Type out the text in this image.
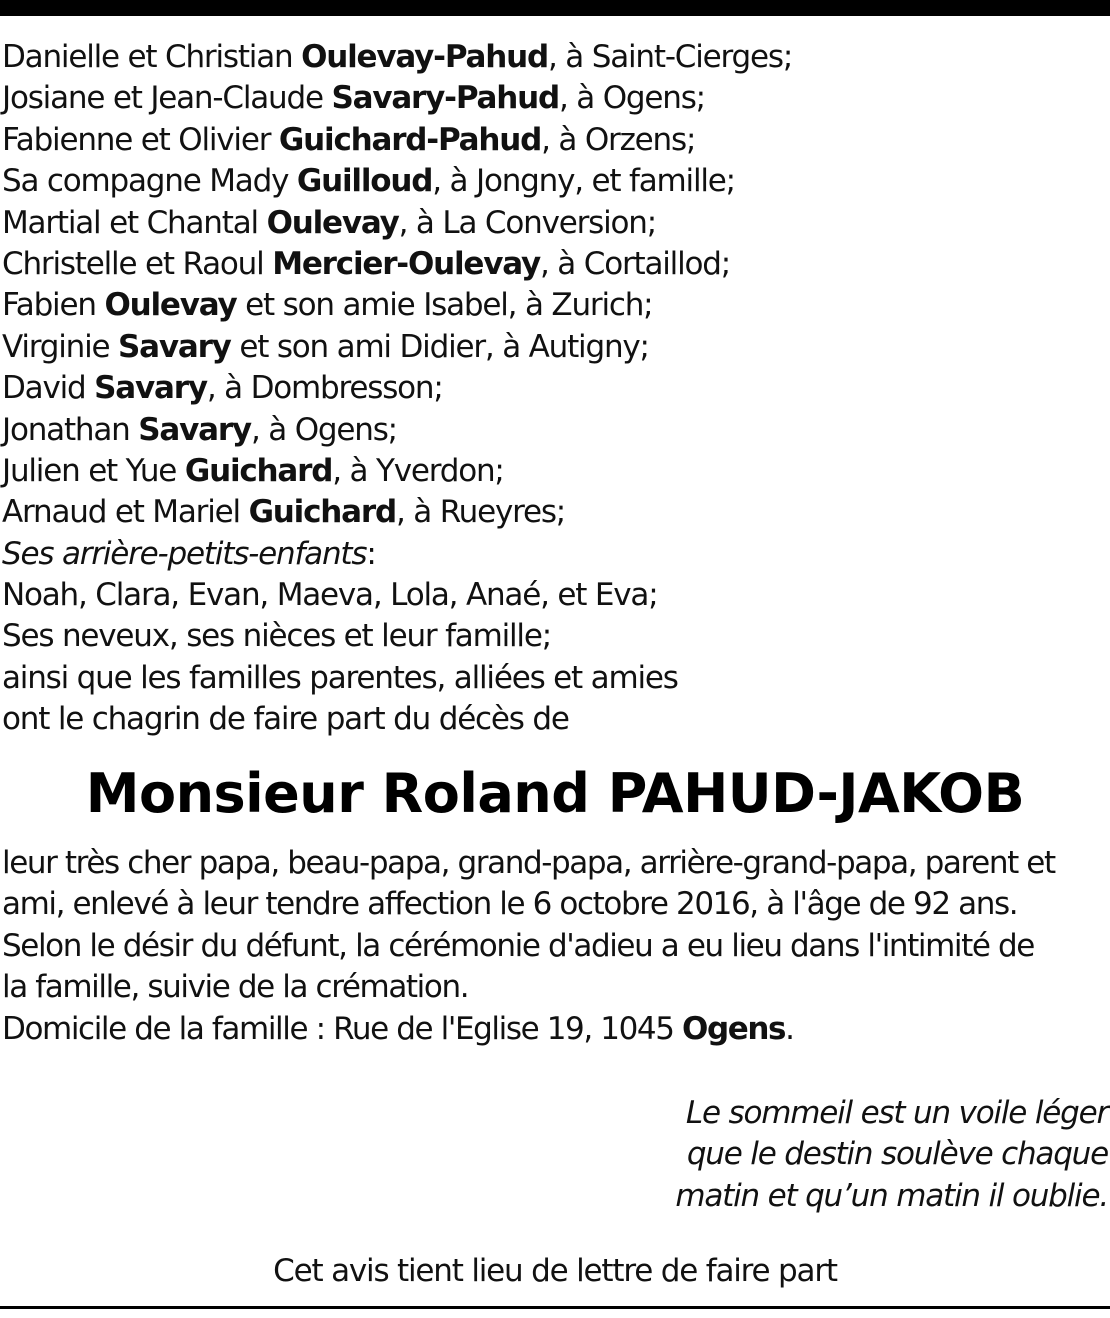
Danielle et Christian Oulevay-Pahud, à Saint-Cierges;
Josiane et Jean-Claude Savary-Pahud, à Ogens;
Fabienne et Olivier Guichard-Pahud, à Orzens;
Sa compagne Mady Guilloud, à Jongny, et famille;
Martial et Chantal Oulevay, à La Conversion;
Christelle et Raoul Mercier-Oulevay, à Cortaillod;
Fabien Oulevay et son amie Isabel, à Zurich;
Virginie Savary et son ami Didier, à Autigny;
David Savary, à Dombresson;
Jonathan Savary, à Ogens;
Julien et Yue Guichard, à Yverdon;
Arnaud et Mariel Guichard, à Rueyres;
Ses arrière-petits-enfants:
Noah, Clara, Evan, Maeva, Lola, Anaé, et Eva;
Ses neveux, ses nièces et leur famille;
ainsi que les familles parentes, alliées et amies
ont le chagrin de faire part du décès de
Monsieur Roland PAHUD-JAKOB
leur très cher papa, beau-papa, grand-papa, arrière-grand-papa, parent et
ami, enlevé à leur tendre affection le 6 octobre 2016, à l'âge de 92 ans.
Selon le désir du défunt, la cérémonie d'adieu a eu lieu dans l'intimité de
la famille, suivie de la crémation.
Domicile de la famille : Rue de l'Eglise 19, 1045 Ogens.
Le sommeil est un voile léger
que le destin soulève chaque
matin et qu’un matin il oublie.
Cet avis tient lieu de lettre de faire part
